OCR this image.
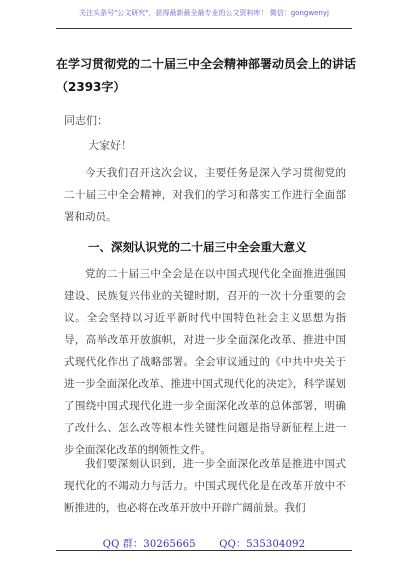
关注头条号"公文研究"，获得最新最全最专业的公文资料库！ 微信：gongwenyj
在学习贯彻党的二十届三中全会精神部署动员会上的讲话（2393字）
同志们：
大家好！
今天我们召开这次会议，主要任务是深入学习贯彻党的二十届三中全会精神，对我们的学习和落实工作进行全面部署和动员。
一、深刻认识党的二十届三中全会重大意义
党的二十届三中全会是在以中国式现代化全面推进强国建设、民族复兴伟业的关键时期，召开的一次十分重要的会议。全会坚持以习近平新时代中国特色社会主义思想为指导，高举改革开放旗帜，对进一步全面深化改革、推进中国式现代化作出了战略部署。全会审议通过的《中共中央关于进一步全面深化改革、推进中国式现代化的决定》，科学谋划了围绕中国式现代化进一步全面深化改革的总体部署，明确了改什么、怎么改等根本性关键性问题是指导新征程上进一步全面深化改革的纲领性文件。
我们要深刻认识到，进一步全面深化改革是推进中国式现代化的不竭动力与活力。中国式现代化是在改革开放中不断推进的，也必将在改革开放中开辟广阔前景。我们
QQ 群：30265665 QQ：535304092
